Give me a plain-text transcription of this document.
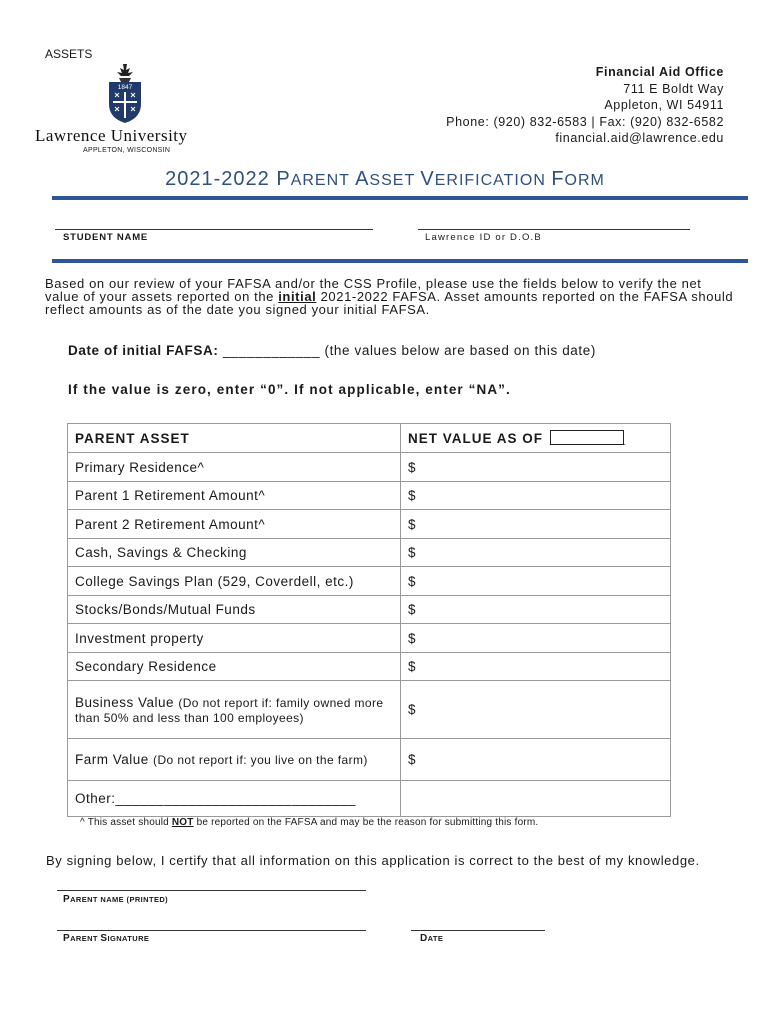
ASSETS
1847
Lawrence University
APPLETON, WISCONSIN
Financial Aid Office
711 E Boldt Way
Appleton, WI 54911
Phone: (920) 832-6583 | Fax: (920) 832-6582
financial.aid@lawrence.edu
2021-2022 PARENT ASSET VERIFICATION FORM
STUDENT NAME	Lawrence ID or D.O.B
Based on our review of your FAFSA and/or the CSS Profile, please use the fields below to verify the net value of your assets reported on the initial 2021-2022 FAFSA. Asset amounts reported on the FAFSA should reflect amounts as of the date you signed your initial FAFSA.
Date of initial FAFSA: ____________ (the values below are based on this date)
If the value is zero, enter “0”. If not applicable, enter “NA”.
PARENT ASSET	NET VALUE AS OF _________
Primary Residence^	$
Parent 1 Retirement Amount^	$
Parent 2 Retirement Amount^	$
Cash, Savings & Checking	$
College Savings Plan (529, Coverdell, etc.)	$
Stocks/Bonds/Mutual Funds	$
Investment property	$
Secondary Residence	$
Business Value (Do not report if: family owned more than 50% and less than 100 employees)	$
Farm Value (Do not report if: you live on the farm)	$
Other:______________________________	
^ This asset should NOT be reported on the FAFSA and may be the reason for submitting this form.
By signing below, I certify that all information on this application is correct to the best of my knowledge.
PARENT NAME (PRINTED)
PARENT SIGNATURE	DATE
